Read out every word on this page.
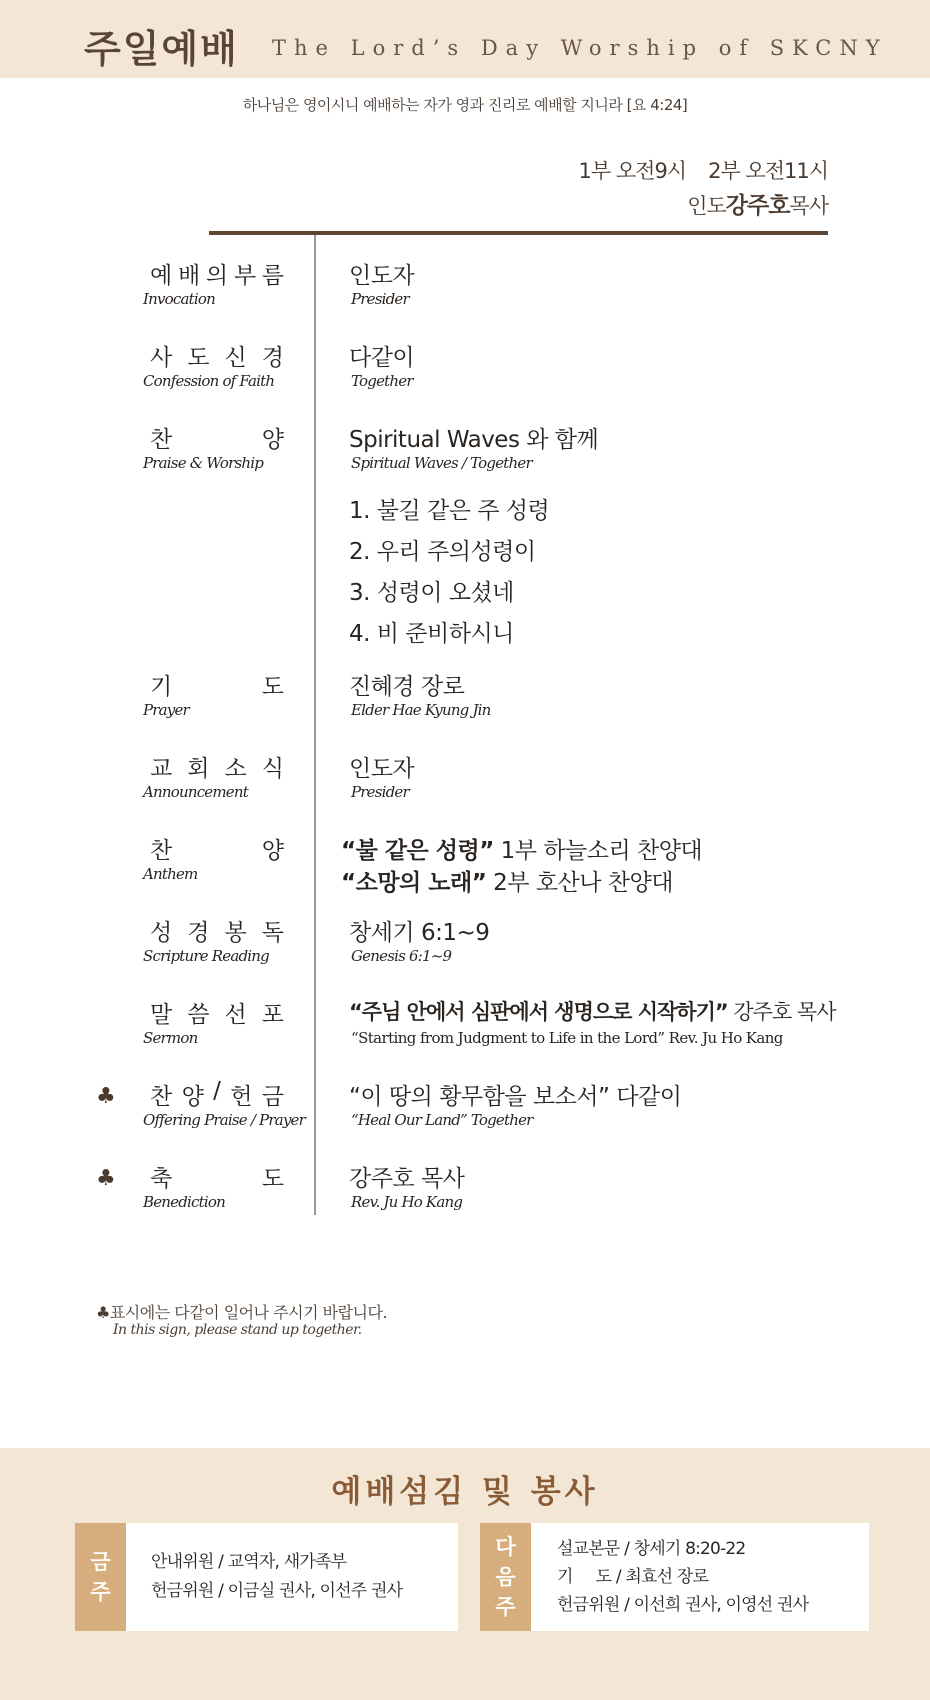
주일예배 The Lord’s Day Worship of SKCNY
하나님은 영이시니 예배하는 자가 영과 진리로 예배할 지니라 [요 4:24]
1부 오전9시 2부 오전11시
인도강주호목사
예 배 의 부 름
Invocation
인도자
Presider
사 도 신 경
Confession of Faith
다같이
Together
찬	양
Praise & Worship
Spiritual Waves 와 함께
Spiritual Waves / Together
1. 불길 같은 주 성령
2. 우리 주의성령이
3. 성령이 오셨네
4. 비 준비하시니
기	도
Prayer
진혜경 장로
Elder Hae Kyung Jin
교 회 소 식
Announcement
인도자
Presider
찬	양
Anthem
“불 같은 성령” 1부 하늘소리 찬양대
“소망의 노래” 2부 호산나 찬양대
성 경 봉 독
Scripture Reading
창세기 6:1~9
Genesis 6:1~9
말 씀 선 포
Sermon
“주님 안에서 심판에서 생명으로 시작하기” 강주호 목사
“Starting from Judgment to Life in the Lord” Rev. Ju Ho Kang
♣ 찬 양 / 헌 금
Offering Praise / Prayer
“이 땅의 황무함을 보소서” 다같이
“Heal Our Land” Together
♣ 축	도
Benediction
강주호 목사
Rev. Ju Ho Kang
♣표시에는 다같이 일어나 주시기 바랍니다.
In this sign, please stand up together.
예배섬김 및 봉사
금
주
안내위원 / 교역자, 새가족부
헌금위원 / 이금실 권사, 이선주 권사
다
음
주
설교본문 / 창세기 8:20-22
기     도 / 최효선 장로
헌금위원 / 이선희 권사, 이영선 권사
